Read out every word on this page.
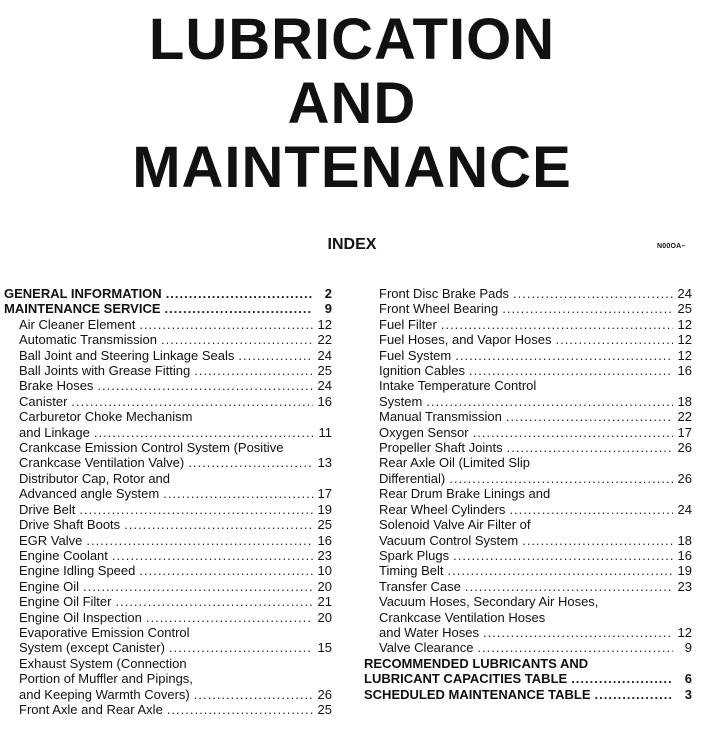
LUBRICATION
AND
MAINTENANCE
INDEX	N00OA–
GENERAL INFORMATION .....	2
MAINTENANCE SERVICE .....	9
Air Cleaner Element .....	12
Automatic Transmission .....	22
Ball Joint and Steering Linkage Seals .....	24
Ball Joints with Grease Fitting .....	25
Brake Hoses .....	24
Canister .....	16
Carburetor Choke Mechanism
and Linkage .....	11
Crankcase Emission Control System (Positive
Crankcase Ventilation Valve) .....	13
Distributor Cap, Rotor and
Advanced angle System .....	17
Drive Belt .....	19
Drive Shaft Boots .....	25
EGR Valve .....	16
Engine Coolant .....	23
Engine Idling Speed .....	10
Engine Oil .....	20
Engine Oil Filter .....	21
Engine Oil Inspection .....	20
Evaporative Emission Control
System (except Canister) .....	15
Exhaust System (Connection
Portion of Muffler and Pipings,
and Keeping Warmth Covers) .....	26
Front Axle and Rear Axle .....	25
Front Disc Brake Pads .....	24
Front Wheel Bearing .....	25
Fuel Filter .....	12
Fuel Hoses, and Vapor Hoses .....	12
Fuel System .....	12
Ignition Cables .....	16
Intake Temperature Control
System .....	18
Manual Transmission .....	22
Oxygen Sensor .....	17
Propeller Shaft Joints .....	26
Rear Axle Oil (Limited Slip
Differential) .....	26
Rear Drum Brake Linings and
Rear Wheel Cylinders .....	24
Solenoid Valve Air Filter of
Vacuum Control System .....	18
Spark Plugs .....	16
Timing Belt .....	19
Transfer Case .....	23
Vacuum Hoses, Secondary Air Hoses,
Crankcase Ventilation Hoses
and Water Hoses .....	12
Valve Clearance .....	9
RECOMMENDED LUBRICANTS AND
LUBRICANT CAPACITIES TABLE .....	6
SCHEDULED MAINTENANCE TABLE .....	3
